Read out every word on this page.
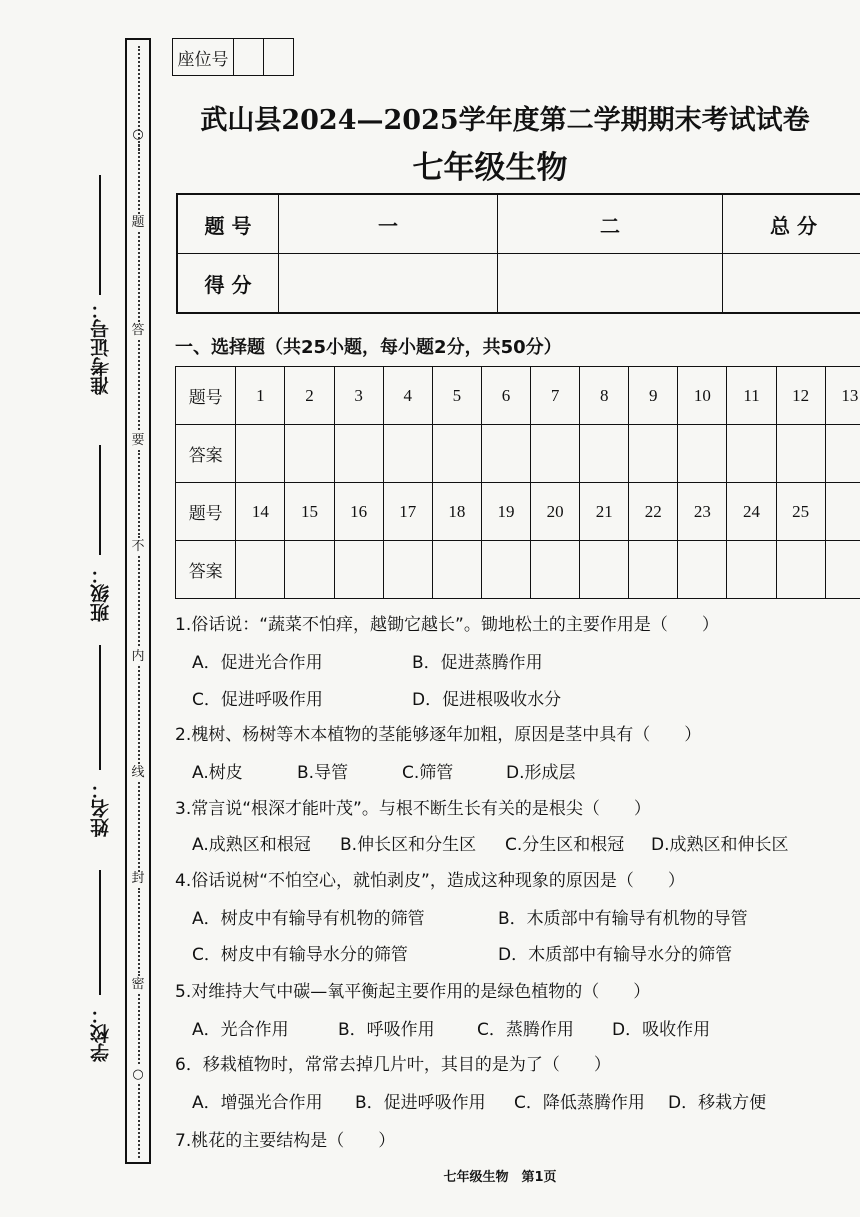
○
题
答
要
不
内
线
封
密
○
准考证号：
班级：
姓名：
学校：
座位号
武山县2024—2025学年度第二学期期末考试试卷
七年级生物
题 号	一	二	总 分
得 分			
一、选择题（共25小题，每小题2分，共50分）
题号	1	2	3	4	5	6	7	8	9	10	11	12	13
答案													
题号	14	15	16	17	18	19	20	21	22	23	24	25	
答案													
1.俗话说：“蔬菜不怕痒，越锄它越长”。锄地松土的主要作用是（　　）
A．促进光合作用	B．促进蒸腾作用
C．促进呼吸作用	D．促进根吸收水分
2.槐树、杨树等木本植物的茎能够逐年加粗，原因是茎中具有（　　）
A.树皮	B.导管	C.筛管	D.形成层
3.常言说“根深才能叶茂”。与根不断生长有关的是根尖（　　）
A.成熟区和根冠 B.伸长区和分生区 C.分生区和根冠 D.成熟区和伸长区
4.俗话说树“不怕空心，就怕剥皮”，造成这种现象的原因是（　　）
A．树皮中有输导有机物的筛管	B．木质部中有输导有机物的导管
C．树皮中有输导水分的筛管	D．木质部中有输导水分的筛管
5.对维持大气中碳—氧平衡起主要作用的是绿色植物的（　　）
A．光合作用	B．呼吸作用 C．蒸腾作用 D．吸收作用
6．移栽植物时，常常去掉几片叶，其目的是为了（　　）
A．增强光合作用 B．促进呼吸作用 C．降低蒸腾作用 D．移栽方便
7.桃花的主要结构是（　　）
七年级生物　第1页
